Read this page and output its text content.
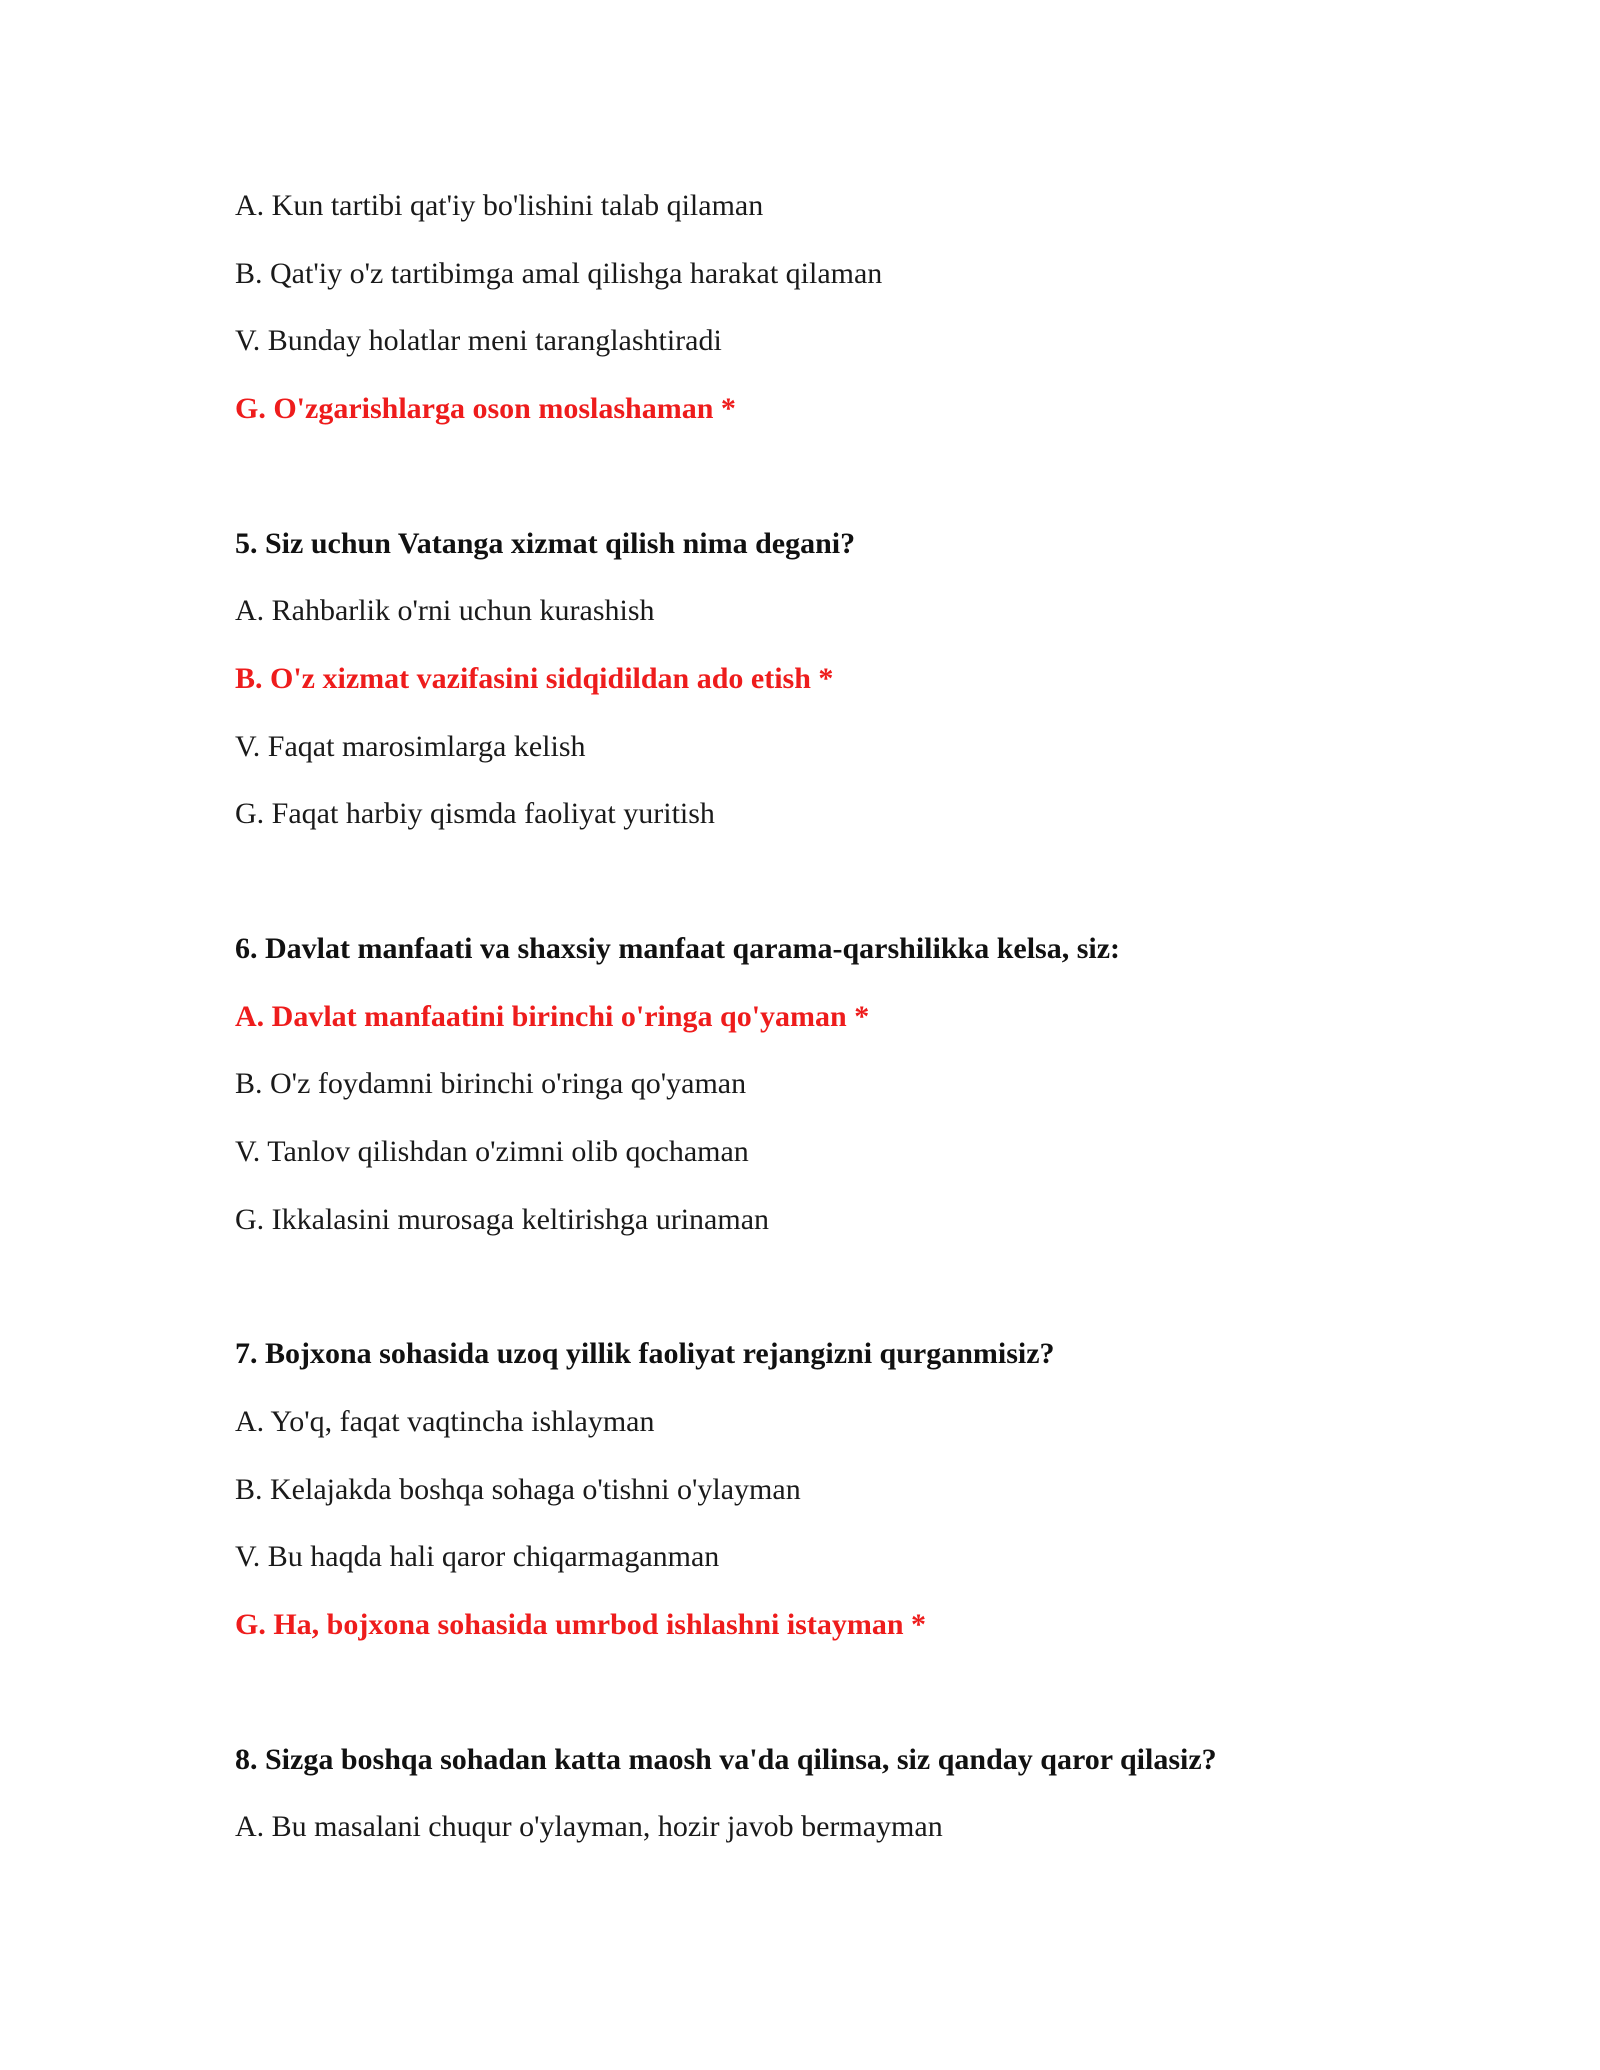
A. Kun tartibi qat'iy bo'lishini talab qilaman
B. Qat'iy o'z tartibimga amal qilishga harakat qilaman
V. Bunday holatlar meni taranglashtiradi
G. O'zgarishlarga oson moslashaman *
5. Siz uchun Vatanga xizmat qilish nima degani?
A. Rahbarlik o'rni uchun kurashish
B. O'z xizmat vazifasini sidqidildan ado etish *
V. Faqat marosimlarga kelish
G. Faqat harbiy qismda faoliyat yuritish
6. Davlat manfaati va shaxsiy manfaat qarama-qarshilikka kelsa, siz:
A. Davlat manfaatini birinchi o'ringa qo'yaman *
B. O'z foydamni birinchi o'ringa qo'yaman
V. Tanlov qilishdan o'zimni olib qochaman
G. Ikkalasini murosaga keltirishga urinaman
7. Bojxona sohasida uzoq yillik faoliyat rejangizni qurganmisiz?
A. Yo'q, faqat vaqtincha ishlayman
B. Kelajakda boshqa sohaga o'tishni o'ylayman
V. Bu haqda hali qaror chiqarmaganman
G. Ha, bojxona sohasida umrbod ishlashni istayman *
8. Sizga boshqa sohadan katta maosh va'da qilinsa, siz qanday qaror qilasiz?
A. Bu masalani chuqur o'ylayman, hozir javob bermayman
